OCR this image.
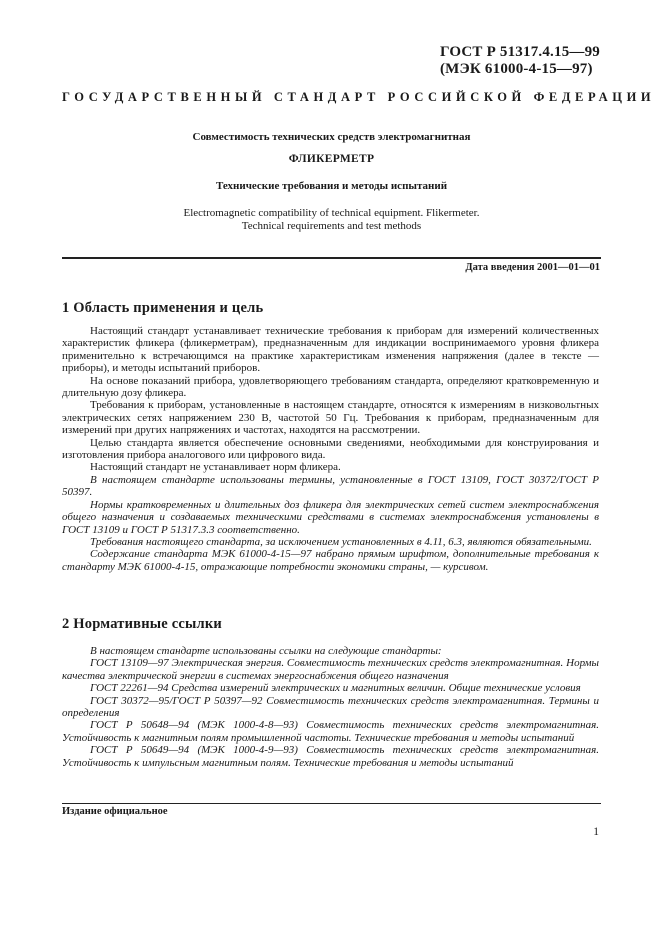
ГОСТ Р 51317.4.15—99
(МЭК 61000-4-15—97)
ГОСУДАРСТВЕННЫЙ СТАНДАРТ РОССИЙСКОЙ ФЕДЕРАЦИИ
Совместимость технических средств электромагнитная
ФЛИКЕРМЕТР
Технические требования и методы испытаний
Electromagnetic compatibility of technical equipment. Flikermeter.
Technical requirements and test methods
Дата введения 2001—01—01
1 Область применения и цель

Настоящий стандарт устанавливает технические требования к приборам для измерений количественных характеристик фликера (фликерметрам), предназначенным для индикации воспринимаемого уровня фликера применительно к встречающимся на практике характеристикам изменения напряжения (далее в тексте — приборы), и методы испытаний приборов.

На основе показаний прибора, удовлетворяющего требованиям стандарта, определяют кратковременную и длительную дозу фликера.

Требования к приборам, установленные в настоящем стандарте, относятся к измерениям в низковольтных электрических сетях напряжением 230 В, частотой 50 Гц. Требования к приборам, предназначенным для измерений при других напряжениях и частотах, находятся на рассмотрении.

Целью стандарта является обеспечение основными сведениями, необходимыми для конструирования и изготовления прибора аналогового или цифрового вида.

Настоящий стандарт не устанавливает норм фликера.

В настоящем стандарте использованы термины, установленные в ГОСТ 13109, ГОСТ 30372/ГОСТ Р 50397.

Нормы кратковременных и длительных доз фликера для электрических сетей систем электроснабжения общего назначения и создаваемых техническими средствами в системах электроснабжения установлены в ГОСТ 13109 и ГОСТ Р 51317.3.3 соответственно.

Требования настоящего стандарта, за исключением установленных в 4.11, 6.3, являются обязательными.

Содержание стандарта МЭК 61000-4-15—97 набрано прямым шрифтом, дополнительные требования к стандарту МЭК 61000-4-15, отражающие потребности экономики страны, — курсивом.

2 Нормативные ссылки

В настоящем стандарте использованы ссылки на следующие стандарты:

ГОСТ 13109—97 Электрическая энергия. Совместимость технических средств электромагнитная. Нормы качества электрической энергии в системах энергоснабжения общего назначения

ГОСТ 22261—94 Средства измерений электрических и магнитных величин. Общие технические условия

ГОСТ 30372—95/ГОСТ Р 50397—92 Совместимость технических средств электромагнитная. Термины и определения

ГОСТ Р 50648—94 (МЭК 1000-4-8—93) Совместимость технических средств электромагнитная. Устойчивость к магнитным полям промышленной частоты. Технические требования и методы испытаний

ГОСТ Р 50649—94 (МЭК 1000-4-9—93) Совместимость технических средств электромагнитная. Устойчивость к импульсным магнитным полям. Технические требования и методы испытаний

Издание официальное
1
